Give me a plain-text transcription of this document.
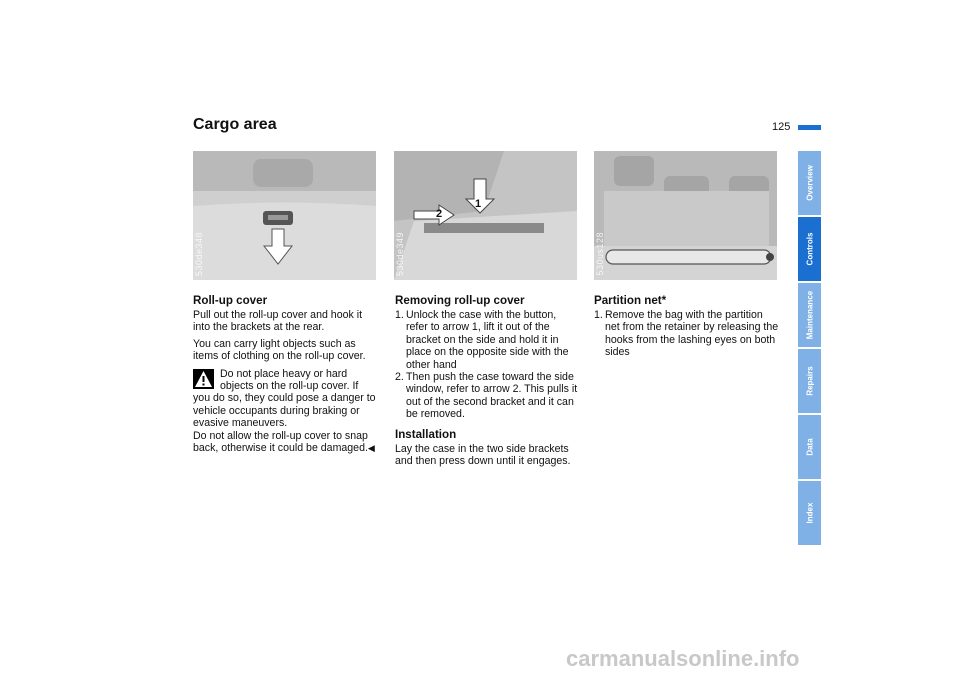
Cargo area	125
530de348
1
2
530de349	530us128
Roll-up cover

Pull out the roll-up cover and hook it into the brackets at the rear.

You can carry light objects such as items of clothing on the roll-up cover.

Do not place heavy or hard objects on the roll-up cover. If you do so, they could pose a danger to vehicle occupants during braking or evasive maneuvers.
Do not allow the roll-up cover to snap back, otherwise it could be damaged.◀
Removing roll-up cover
1. Unlock the case with the button, refer to arrow 1, lift it out of the bracket on the side and hold it in place on the opposite side with the other hand
2. Then push the case toward the side window, refer to arrow 2. This pulls it out of the second bracket and it can be removed.
Installation

Lay the case in the two side brackets and then press down until it engages.

Partition net*
1. Remove the bag with the partition net from the retainer by releasing the hooks from the lashing eyes on both sides
Overview
Controls
Maintenance
Repairs
Data
Index
carmanualsonline.info
